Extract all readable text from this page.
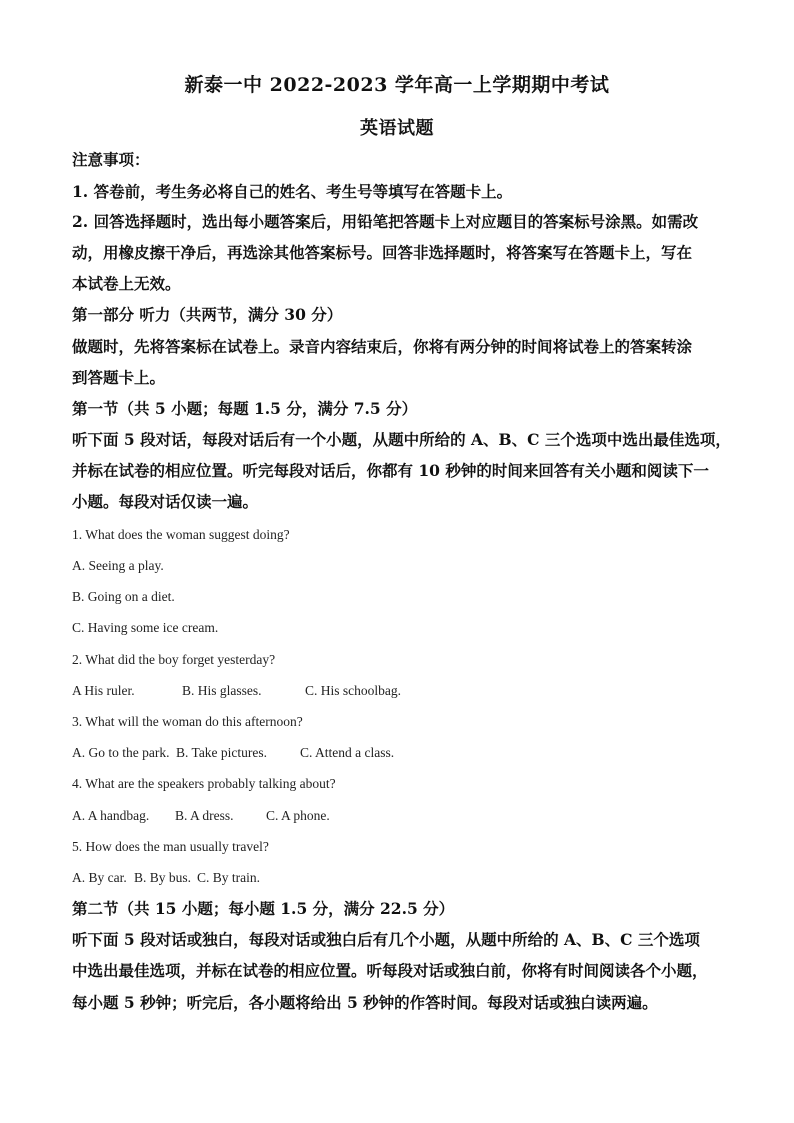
新泰一中 2022-2023 学年高一上学期期中考试
英语试题
注意事项：
1. 答卷前，考生务必将自己的姓名、考生号等填写在答题卡上。
2. 回答选择题时，选出每小题答案后，用铅笔把答题卡上对应题目的答案标号涂黑。如需改
动，用橡皮擦干净后，再选涂其他答案标号。回答非选择题时，将答案写在答题卡上，写在
本试卷上无效。
第一部分 听力（共两节，满分 30 分）
做题时，先将答案标在试卷上。录音内容结束后，你将有两分钟的时间将试卷上的答案转涂
到答题卡上。
第一节（共 5 小题；每题 1.5 分，满分 7.5 分）
听下面 5 段对话，每段对话后有一个小题，从题中所给的 A、B、C 三个选项中选出最佳选项，
并标在试卷的相应位置。听完每段对话后，你都有 10 秒钟的时间来回答有关小题和阅读下一
小题。每段对话仅读一遍。
1. What does the woman suggest doing?
A. Seeing a play.
B. Going on a diet.
C. Having some ice cream.
2. What did the boy forget yesterday?
A His ruler.	B. His glasses.	C. His schoolbag.
3. What will the woman do this afternoon?
A. Go to the park. B. Take pictures. C. Attend a class.
4. What are the speakers probably talking about?
A. A handbag. B. A dress. C. A phone.
5. How does the man usually travel?
A. By car. B. By bus. C. By train.
第二节（共 15 小题；每小题 1.5 分，满分 22.5 分）
听下面 5 段对话或独白，每段对话或独白后有几个小题，从题中所给的 A、B、C 三个选项
中选出最佳选项，并标在试卷的相应位置。听每段对话或独白前，你将有时间阅读各个小题，
每小题 5 秒钟；听完后，各小题将给出 5 秒钟的作答时间。每段对话或独白读两遍。
